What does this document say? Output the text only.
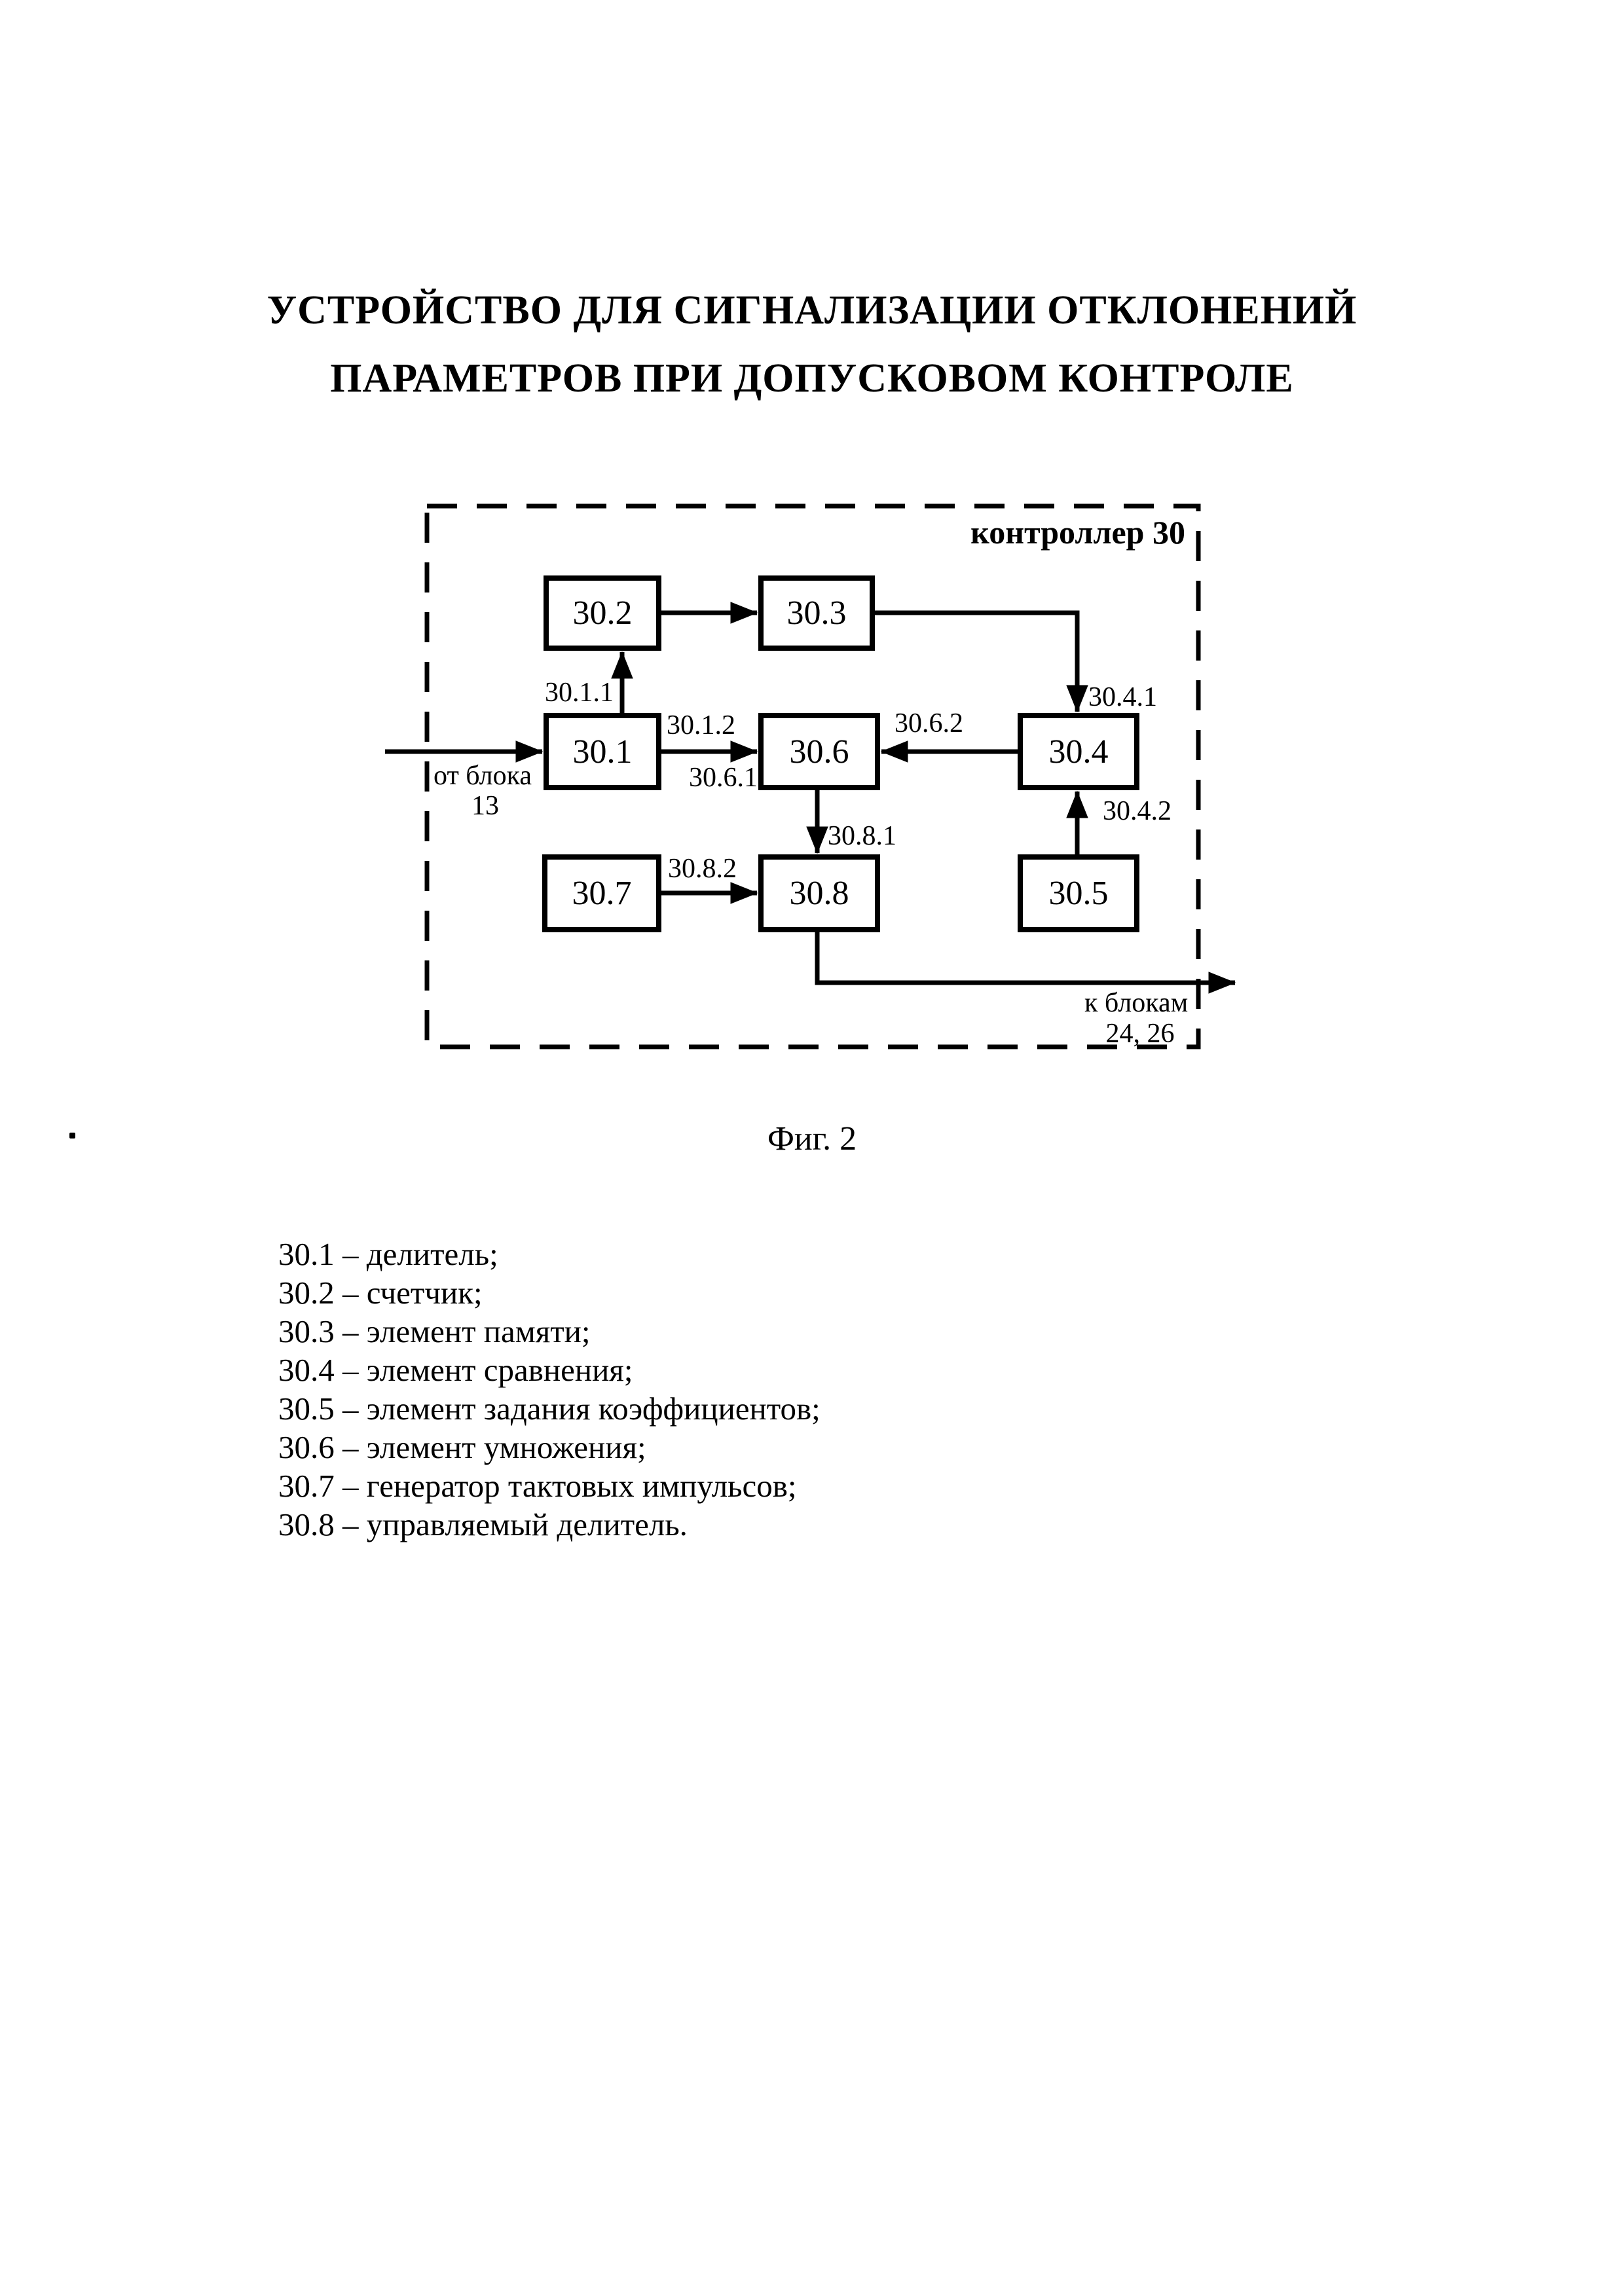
УСТРОЙСТВО ДЛЯ СИГНАЛИЗАЦИИ ОТКЛОНЕНИЙ
ПАРАМЕТРОВ ПРИ ДОПУСКОВОМ КОНТРОЛЕ
контроллер 30
30.2	30.3
30.1	30.6	30.4
30.7	30.8	30.5
30.1.1
30.1.2
30.6.1
30.6.2
30.4.1
30.4.2
30.8.1
30.8.2
от блока
13
к блокам
24, 26
Фиг. 2
30.1 – делитель;
30.2 – счетчик;
30.3 – элемент памяти;
30.4 – элемент сравнения;
30.5 – элемент задания коэффициентов;
30.6 – элемент умножения;
30.7 – генератор тактовых импульсов;
30.8 – управляемый делитель.
